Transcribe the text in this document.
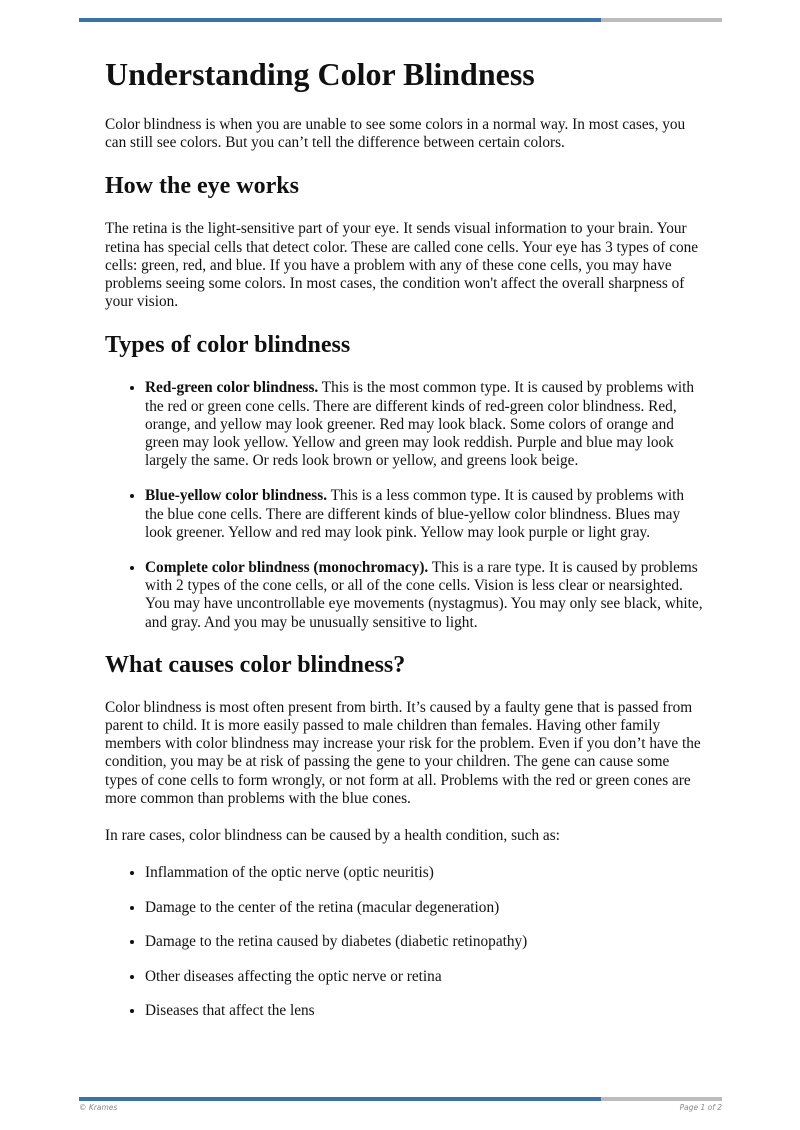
Understanding Color Blindness

Color blindness is when you are unable to see some colors in a normal way. In most cases, you can still see colors. But you can’t tell the difference between certain colors.

How the eye works

The retina is the light-sensitive part of your eye. It sends visual information to your brain. Your retina has special cells that detect color. These are called cone cells. Your eye has 3 types of cone cells: green, red, and blue. If you have a problem with any of these cone cells, you may have problems seeing some colors. In most cases, the condition won't affect the overall sharpness of your vision.

Types of color blindness
• Red-green color blindness. This is the most common type. It is caused by problems with the red or green cone cells. There are different kinds of red-green color blindness. Red, orange, and yellow may look greener. Red may look black. Some colors of orange and green may look yellow. Yellow and green may look reddish. Purple and blue may look largely the same. Or reds look brown or yellow, and greens look beige.
• Blue-yellow color blindness. This is a less common type. It is caused by problems with the blue cone cells. There are different kinds of blue-yellow color blindness. Blues may look greener. Yellow and red may look pink. Yellow may look purple or light gray.
• Complete color blindness (monochromacy). This is a rare type. It is caused by problems with 2 types of the cone cells, or all of the cone cells. Vision is less clear or nearsighted. You may have uncontrollable eye movements (nystagmus). You may only see black, white, and gray. And you may be unusually sensitive to light.
What causes color blindness?

Color blindness is most often present from birth. It’s caused by a faulty gene that is passed from parent to child. It is more easily passed to male children than females. Having other family members with color blindness may increase your risk for the problem. Even if you don’t have the condition, you may be at risk of passing the gene to your children. The gene can cause some types of cone cells to form wrongly, or not form at all. Problems with the red or green cones are more common than problems with the blue cones.

In rare cases, color blindness can be caused by a health condition, such as:

• Inflammation of the optic nerve (optic neuritis)
• Damage to the center of the retina (macular degeneration)
• Damage to the retina caused by diabetes (diabetic retinopathy)
• Other diseases affecting the optic nerve or retina
• Diseases that affect the lens
© Krames	Page 1 of 2
